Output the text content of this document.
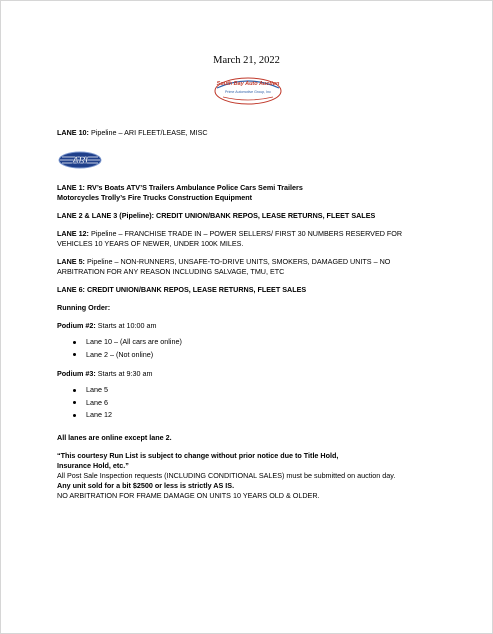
March 21, 2022
South Bay Auto Auction
Prime Automotive Group, Inc

LANE 10: Pipeline – ARI FLEET/LEASE, MISC

ARI

LANE 1: RV’s Boats ATV’S Trailers Ambulance Police Cars Semi Trailers

Motorcycles Trolly’s Fire Trucks Construction Equipment

LANE 2 & LANE 3 (Pipeline): CREDIT UNION/BANK REPOS, LEASE RETURNS, FLEET SALES

LANE 12: Pipeline – FRANCHISE TRADE IN – POWER SELLERS/ FIRST 30 NUMBERS RESERVED FOR

VEHICLES 10 YEARS OF NEWER, UNDER 100K MILES.

LANE 5: Pipeline – NON-RUNNERS, UNSAFE-TO-DRIVE UNITS, SMOKERS, DAMAGED UNITS – NO

ARBITRATION FOR ANY REASON INCLUDING SALVAGE, TMU, ETC

LANE 6: CREDIT UNION/BANK REPOS, LEASE RETURNS, FLEET SALES

Running Order:

Podium #2: Starts at 10:00 am

Lane 10 – (All cars are online)
Lane 2 – (Not online)

Podium #3: Starts at 9:30 am

Lane 5
Lane 6
Lane 12

All lanes are online except lane 2.

“This courtesy Run List is subject to change without prior notice due to Title Hold,

Insurance Hold, etc.”

All Post Sale Inspection requests (INCLUDING CONDITIONAL SALES) must be submitted on auction day.

Any unit sold for a bit $2500 or less is strictly AS IS.

NO ARBITRATION FOR FRAME DAMAGE ON UNITS 10 YEARS OLD & OLDER.
